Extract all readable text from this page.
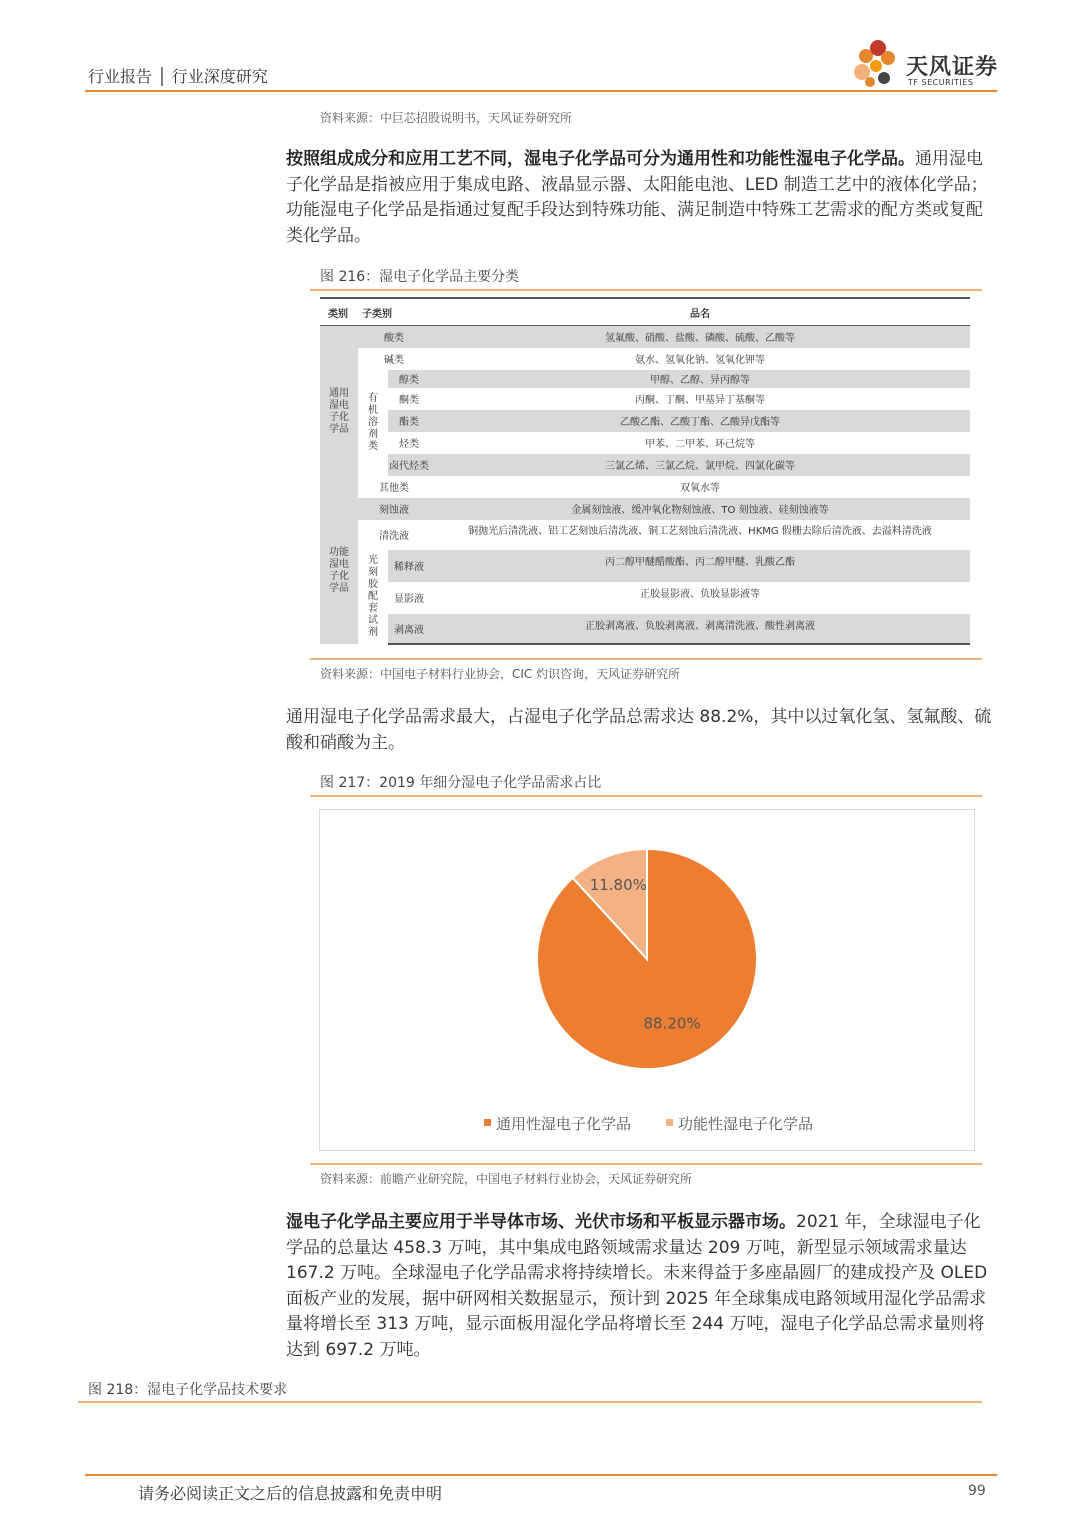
行业报告 │ 行业深度研究	天风证券
TF SECURITIES
资料来源：中巨芯招股说明书，天风证券研究所
按照组成成分和应用工艺不同，湿电子化学品可分为通用性和功能性湿电子化学品。通用湿电子化学品是指被应用于集成电路、液晶显示器、太阳能电池、LED 制造工艺中的液体化学品；功能湿电子化学品是指通过复配手段达到特殊功能、满足制造中特殊工艺需求的配方类或复配类化学品。
图 216：湿电子化学品主要分类
类别	子类别		品名

通用湿电子化学品	酸类		氢氟酸、硝酸、盐酸、磷酸、硫酸、乙酸等
	碱类		氨水、氢氧化钠、氢氧化钾等

	有机溶剂类	醇类	甲醇、乙醇、异丙醇等
		酮类	丙酮、丁酮、甲基异丁基酮等
		酯类	乙酸乙酯、乙酸丁酯、乙酸异戊酯等
		烃类	甲苯、二甲苯、环己烷等
		卤代烃类	三氯乙烯、三氯乙烷、氯甲烷、四氯化碳等
	其他类		双氧水等

功能湿电子化学品	刻蚀液		金属刻蚀液、缓冲氧化物刻蚀液、TO 刻蚀液、硅刻蚀液等
	清洗液		铜抛光后清洗液、铝工艺刻蚀后清洗液、铜工艺刻蚀后清洗液、HKMG 假栅去除后清洗液、去溢料清洗液

	光刻胶配套试剂	稀释液	丙二醇甲醚醋酸酯、丙二醇甲醚、乳酸乙酯
		显影液	正胶显影液、负胶显影液等
		剥离液	正胶剥离液、负胶剥离液、剥离清洗液、酸性剥离液
资料来源：中国电子材料行业协会，CIC 灼识咨询，天风证券研究所
通用湿电子化学品需求最大，占湿电子化学品总需求达 88.2%，其中以过氧化氢、氢氟酸、硫酸和硝酸为主。
图 217：2019 年细分湿电子化学品需求占比
88.20%
11.80%
通用性湿电子化学品	功能性湿电子化学品
资料来源：前瞻产业研究院，中国电子材料行业协会，天风证券研究所
湿电子化学品主要应用于半导体市场、光伏市场和平板显示器市场。2021 年，全球湿电子化学品的总量达 458.3 万吨，其中集成电路领域需求量达 209 万吨，新型显示领域需求量达 167.2 万吨。全球湿电子化学品需求将持续增长。未来得益于多座晶圆厂的建成投产及 OLED 面板产业的发展，据中研网相关数据显示，预计到 2025 年全球集成电路领域用湿化学品需求量将增长至 313 万吨，显示面板用湿化学品将增长至 244 万吨，湿电子化学品总需求量则将达到 697.2 万吨。
图 218：湿电子化学品技术要求
请务必阅读正文之后的信息披露和免责申明	99
